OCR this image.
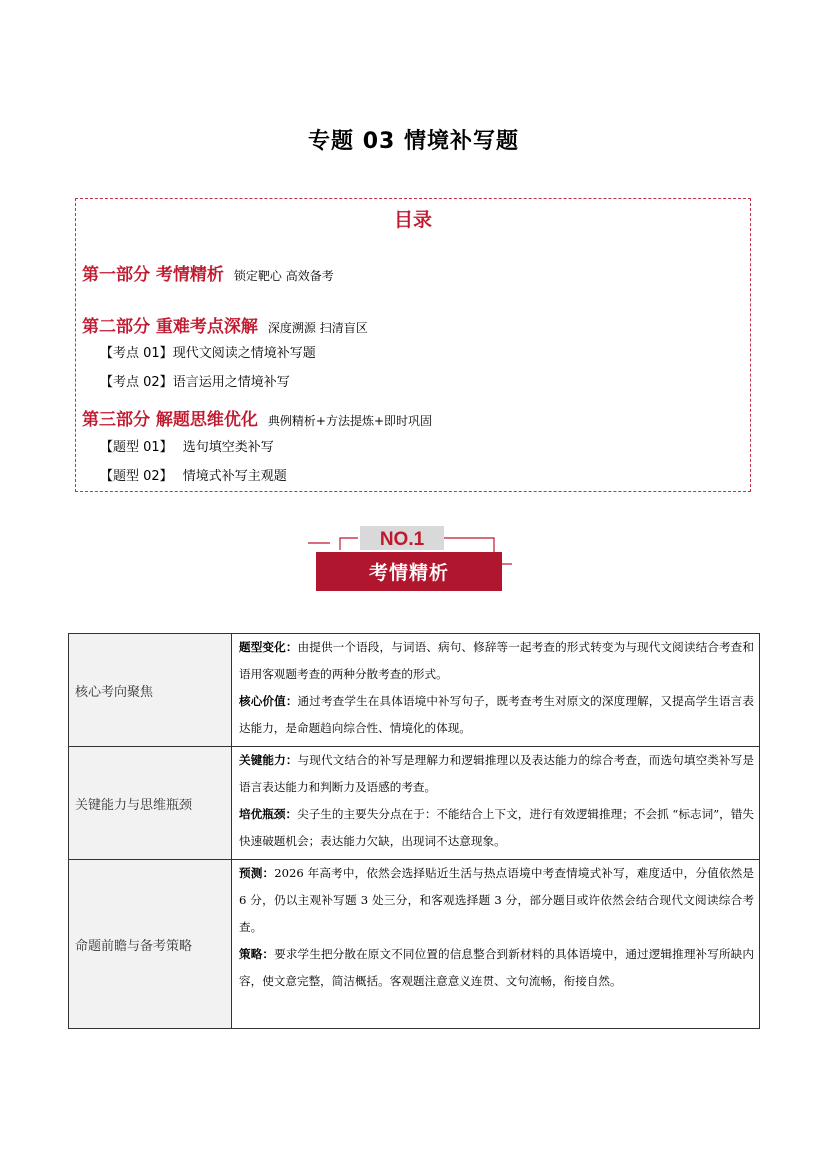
专题 03 情境补写题
目录
第一部分 考情精析 锁定靶心 高效备考
第二部分 重难考点深解 深度溯源 扫清盲区
【考点 01】现代文阅读之情境补写题
【考点 02】语言运用之情境补写
第三部分 解题思维优化 典例精析+方法提炼+即时巩固
【题型 01】 选句填空类补写
【题型 02】 情境式补写主观题
NO.1
考情精析
核心考向聚焦	题型变化：由提供一个语段，与词语、病句、修辞等一起考查的形式转变为与现代文阅读结合考查和语用客观题考查的两种分散考查的形式。
核心价值：通过考查学生在具体语境中补写句子，既考查考生对原文的深度理解，又提高学生语言表达能力，是命题趋向综合性、情境化的体现。

关键能力与思维瓶颈	关键能力：与现代文结合的补写是理解力和逻辑推理以及表达能力的综合考查，而选句填空类补写是语言表达能力和判断力及语感的考查。
培优瓶颈：尖子生的主要失分点在于：不能结合上下文，进行有效逻辑推理；不会抓 “标志词”，错失快速破题机会；表达能力欠缺，出现词不达意现象。

命题前瞻与备考策略	预测：2026 年高考中，依然会选择贴近生活与热点语境中考查情境式补写，难度适中，分值依然是 6 分，仍以主观补写题 3 处三分，和客观选择题 3 分，部分题目或许依然会结合现代文阅读综合考查。
策略：要求学生把分散在原文不同位置的信息整合到新材料的具体语境中，通过逻辑推理补写所缺内容，使文意完整，简洁概括。客观题注意意义连贯、文句流畅，衔接自然。
